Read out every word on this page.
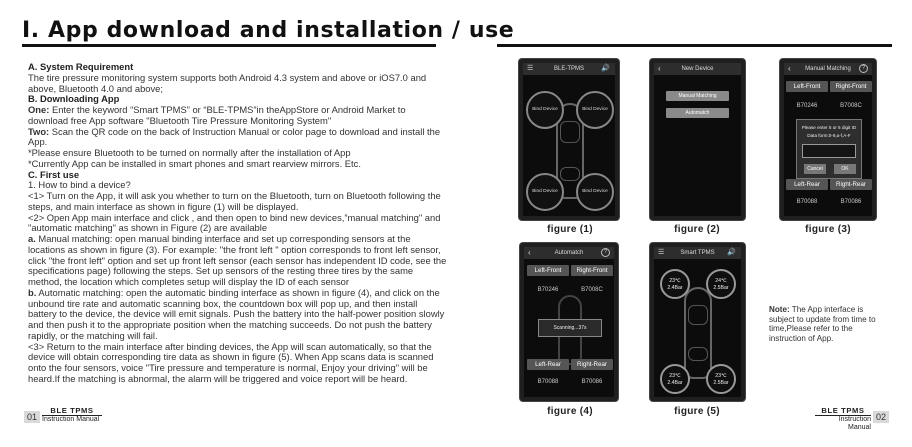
I. App download and installation / use

A. System Requirement

The tire pressure monitoring system supports both Android 4.3 system and above or iOS7.0 and above, Bluetooth 4.0 and above;

B. Downloading App

One: Enter the keyword “Smart TPMS” or “BLE-TPMS”in theAppStore or Android Market to download free App software "Bluetooth Tire Pressure Monitoring System"

Two: Scan the QR code on the back of Instruction Manual or color page to download and install the App.

*Please ensure Bluetooth to be turned on normally after the installation of App

*Currently App can be installed in smart phones and smart rearview mirrors. Etc.

C. First use

1. How to bind a device?

<1> Turn on the App, it will ask you whether to turn on the Bluetooth, turn on Bluetooth following the steps, and main interface as shown in figure (1) will be displayed.

<2> Open App main interface and click , and then open to bind new devices,”manual matching" and "automatic matching" as shown in Figure (2) are available

a. Manual matching: open manual binding interface and set up corresponding sensors at the locations as shown in figure (3). For example: "the front left " option corresponds to front left sensor, click "the front left" option and set up front left sensor (each sensor has independent ID code, see the specifications page) following the steps. Set up sensors of the resting three tires by the same method, the location which completes setup will display the ID of each sensor

b. Automatic matching: open the automatic binding interface as shown in figure (4), and click on the unbound tire rate and automatic scanning box, the countdown box will pop up, and then install battery to the device, the device will emit signals. Push the battery into the half-power position slowly and then push it to the appropriate position when the matching succeeds. Do not push the battery rapidly, or the matching will fail.

<3> Return to the main interface after binding devices, the App will scan automatically, so that the device will obtain corresponding tire data as shown in figure (5). When App scans data is scanned onto the four sensors, voice "Tire pressure and temperature is normal, Enjoy your driving" will be heard.If the matching is abnormal, the alarm will be triggered and voice report will be heard.

☰	BLE-TPMS 🔊
Bind Device	Bind Device
Bind Device	Bind Device
figure (1)
‹	New Device
Manual Matching
Automatch
figure (2)
‹ Manual Matching	?
Left-Front	Right-Front
B70246	B7008C
Please enter 5 or 6 digit ID
Data form:0-9,a-f,A-F
Cancel	OK
Left-Rear	Right-Rear
B70088	B70086
figure (3)
‹	Automatch	?
Left-Front	Right-Front
B70246	B7008C
Scanning...37s
Left-Rear	Right-Rear
B70088	B70086
figure (4)
☰	Smart TPMS 🔊
23℃
2.4Bar
24℃
2.5Bar
23℃
2.4Bar
23℃
2.5Bar
figure (5)
Note: The App interface is subject to update from time to time,Please refer to the instruction of App.
01
BLE TPMS
Instruction Manual
BLE TPMS
Instruction Manual
02
